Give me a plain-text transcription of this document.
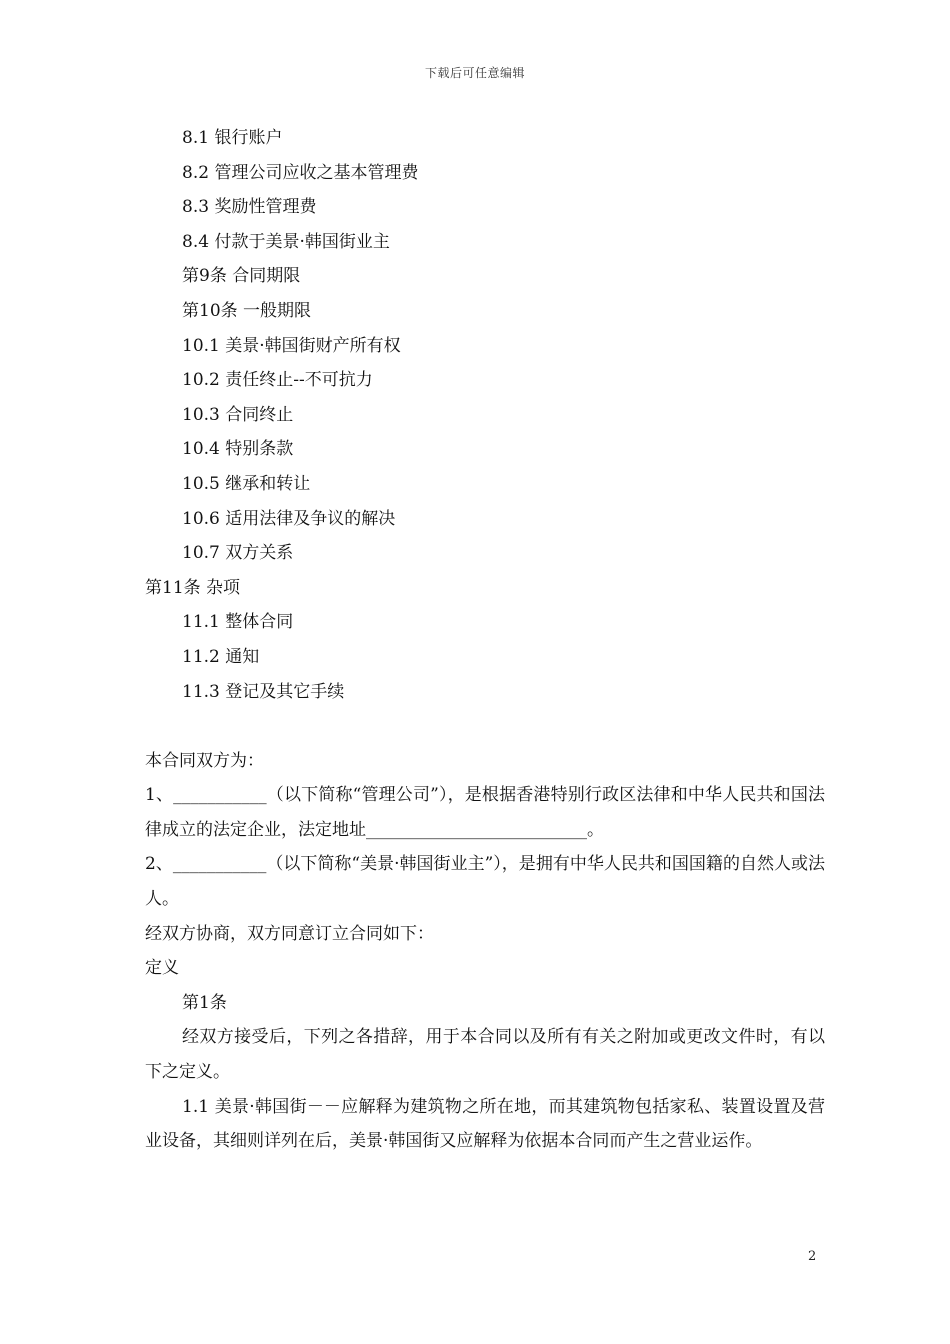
下载后可任意编辑
8.1 银行账户
8.2 管理公司应收之基本管理费
8.3 奖励性管理费
8.4 付款于美景·韩国街业主
第9条 合同期限
第10条 一般期限
10.1 美景·韩国街财产所有权
10.2 责任终止--不可抗力
10.3 合同终止
10.4 特别条款
10.5 继承和转让
10.6 适用法律及争议的解决
10.7 双方关系
第11条 杂项
11.1 整体合同
11.2 通知
11.3 登记及其它手续
本合同双方为：
1、___________（以下简称“管理公司”），是根据香港特别行政区法律和中华人民共和国法律成立的法定企业，法定地址__________________________。
2、___________（以下简称“美景·韩国街业主”），是拥有中华人民共和国国籍的自然人或法人。
经双方协商，双方同意订立合同如下：
定义
第1条
经双方接受后，下列之各措辞，用于本合同以及所有有关之附加或更改文件时，有以下之定义。
1.1 美景·韩国街－－应解释为建筑物之所在地，而其建筑物包括家私、装置设置及营业设备，其细则详列在后，美景·韩国街又应解释为依据本合同而产生之营业运作。
2
